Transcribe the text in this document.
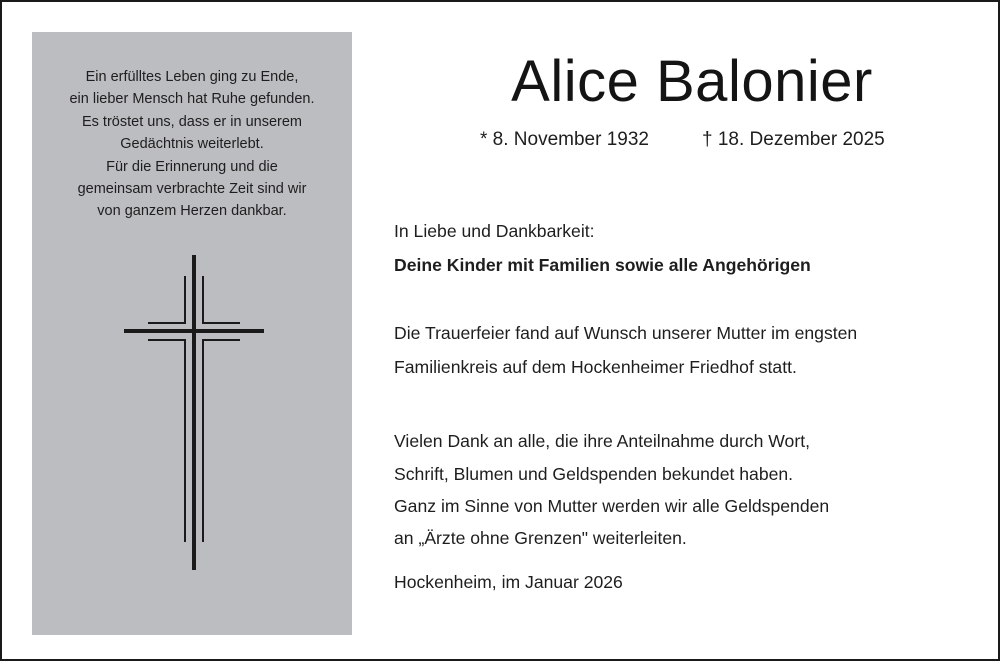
Ein erfülltes Leben ging zu Ende,
ein lieber Mensch hat Ruhe gefunden.
Es tröstet uns, dass er in unserem
Gedächtnis weiterlebt.
Für die Erinnerung und die
gemeinsam verbrachte Zeit sind wir
von ganzem Herzen dankbar.
Alice Balonier
* 8. November 1932	† 18. Dezember 2025
In Liebe und Dankbarkeit:
Deine Kinder mit Familien sowie alle Angehörigen
Die Trauerfeier fand auf Wunsch unserer Mutter im engsten
Familienkreis auf dem Hockenheimer Friedhof statt.
Vielen Dank an alle, die ihre Anteilnahme durch Wort,
Schrift, Blumen und Geldspenden bekundet haben.
Ganz im Sinne von Mutter werden wir alle Geldspenden
an „Ärzte ohne Grenzen" weiterleiten.
Hockenheim, im Januar 2026
